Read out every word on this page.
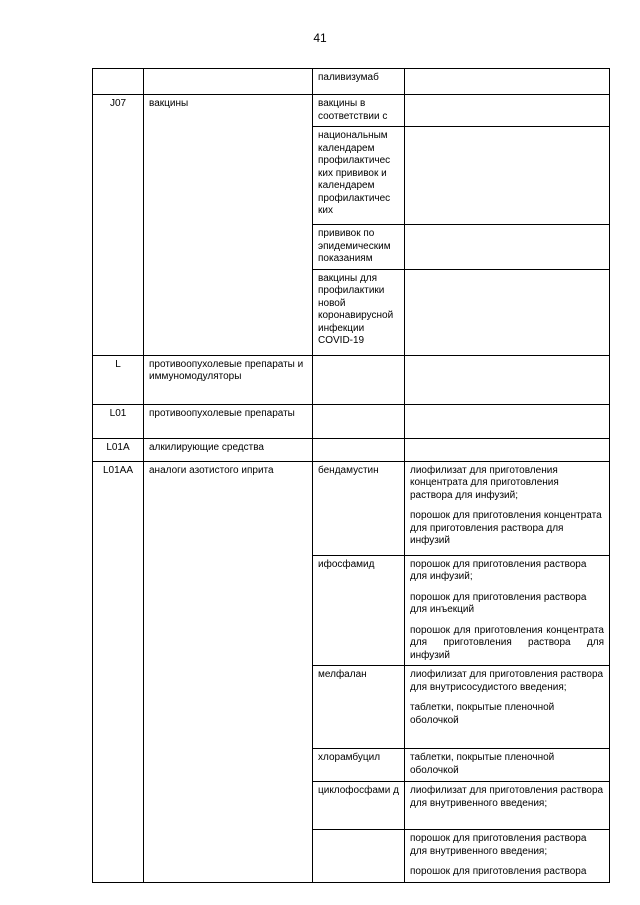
41
		паливизумаб	
J07	вакцины	вакцины в соответствии с	
		национальным календарем профилактичес ких прививок и календарем профилактичес ких	
		прививок по эпидемическим показаниям	
		вакцины для профилактики новой коронавирусной инфекции COVID-19	
L	противоопухолевые препараты и иммуномодуляторы		
L01	противоопухолевые препараты		
L01A	алкилирующие средства		
L01AA	аналоги азотистого иприта	бендамустин	лиофилизат для приготовления концентрата для приготовления раствора для инфузий;
порошок для приготовления концентрата для приготовления раствора для инфузий

		ифосфамид	порошок для приготовления раствора для инфузий;
порошок для приготовления раствора для инъекций
порошок для приготовления концентрата для приготовления раствора для инфузий

		мелфалан	лиофилизат для приготовления раствора для внутрисосудистого введения;
таблетки, покрытые пленочной оболочкой

		хлорамбуцил	таблетки, покрытые пленочной оболочкой

		циклофосфами д	лиофилизат для приготовления раствора для внутривенного введения;

			порошок для приготовления раствора для внутривенного введения;
порошок для приготовления раствора
